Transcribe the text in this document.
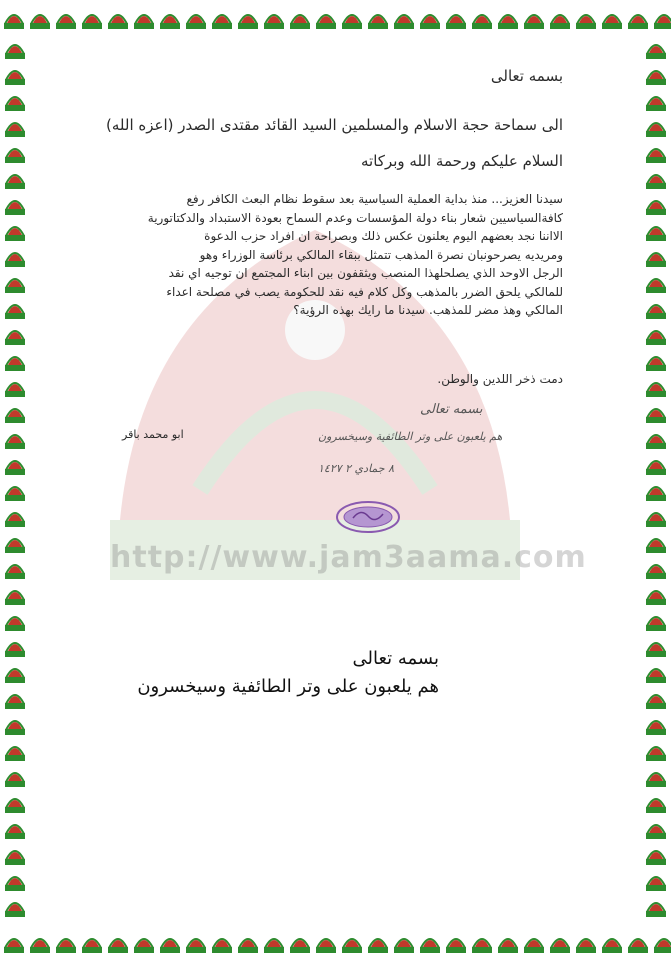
http://www.jam3aama.com
بسمه تعالى
الى سماحة حجة الاسلام والمسلمين السيد القائد مقتدى الصدر (اعزه الله)
السلام عليكم ورحمة الله وبركاته
سيدنا العزيز... منذ بداية العملية السياسية بعد سقوط نظام البعث الكافر رفع
كافةالسياسيين شعار بناء دولة المؤسسات وعدم السماح بعودة الاستبداد والدكتاتورية
الااننا نجد بعضهم اليوم يعلنون عكس ذلك وبصراحة ان افراد حزب الدعوة
ومريديه يصرحونبان نصرة المذهب تتمثل ببقاء المالكي برئاسة الوزراء وهو
الرجل الاوحد الذي يصلحلهذا المنصب ويثقفون بين ابناء المجتمع ان توجيه اي نقد
للمالكي يلحق الضرر بالمذهب وكل كلام فيه نقد للحكومة يصب في مصلحة اعداء
المالكي وهذ مضر للمذهب. سيدنا ما رايك بهذه الرؤية؟
دمت ذخر اللدين والوطن.
ابو محمد باقر
بسمه تعالى
هم يلعبون على وتر الطائفية وسيخسرون
٨ جمادي ٢ ١٤٢٧
بسمه تعالى
هم يلعبون على وتر الطائفية وسيخسرون
